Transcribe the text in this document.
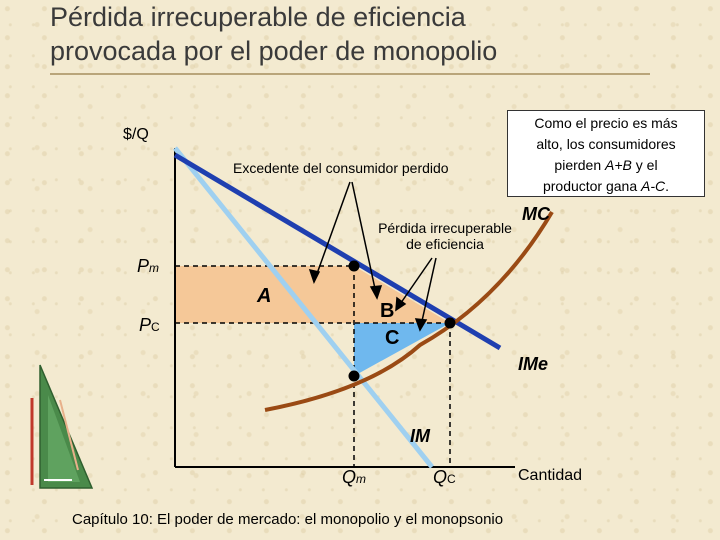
Pérdida irrecuperable de eficiencia
provocada por el poder de monopolio
Como el precio es más
alto, los consumidores
pierden A+B y el
productor gana A-C.
$/Q
Excedente del consumidor perdido
Pérdida irrecuperable
de eficiencia
MC
Pm
PC
A
B
C
IMe
IM
Qm	QC	Cantidad
Capítulo 10: El poder de mercado: el monopolio y el monopsonio
